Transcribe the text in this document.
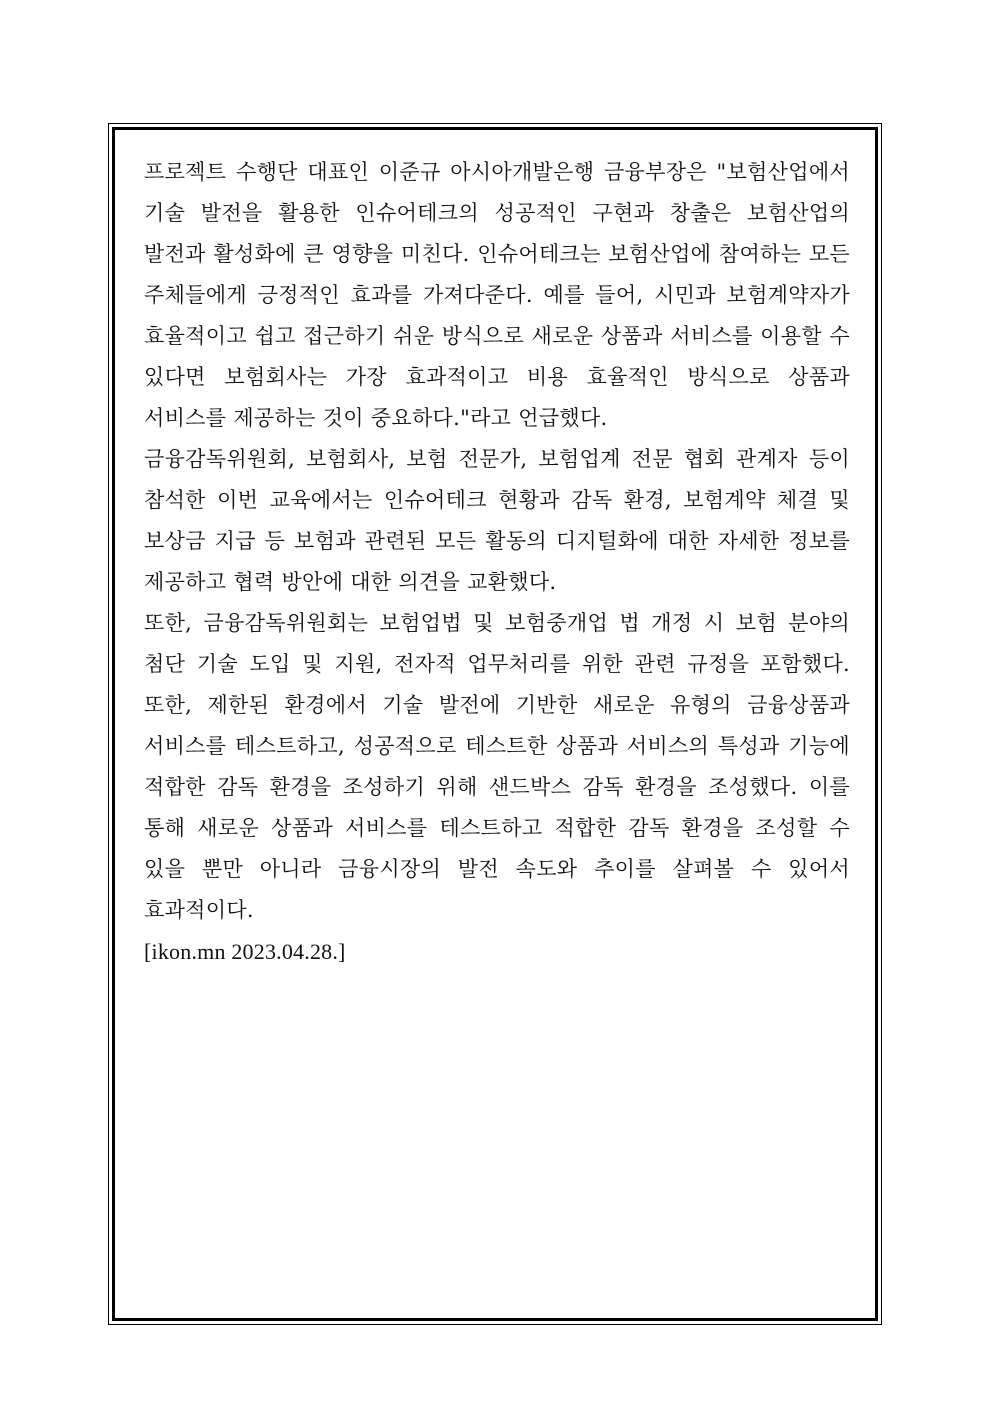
프로젝트 수행단 대표인 이준규 아시아개발은행 금융부장은 "보험산업에서 기술 발전을 활용한 인슈어테크의 성공적인 구현과 창출은 보험산업의 발전과 활성화에 큰 영향을 미친다. 인슈어테크는 보험산업에 참여하는 모든 주체들에게 긍정적인 효과를 가져다준다. 예를 들어, 시민과 보험계약자가 효율적이고 쉽고 접근하기 쉬운 방식으로 새로운 상품과 서비스를 이용할 수 있다면 보험회사는 가장 효과적이고 비용 효율적인 방식으로 상품과 서비스를 제공하는 것이 중요하다."라고 언급했다.

금융감독위원회, 보험회사, 보험 전문가, 보험업계 전문 협회 관계자 등이 참석한 이번 교육에서는 인슈어테크 현황과 감독 환경, 보험계약 체결 및 보상금 지급 등 보험과 관련된 모든 활동의 디지털화에 대한 자세한 정보를 제공하고 협력 방안에 대한 의견을 교환했다.

또한, 금융감독위원회는 보험업법 및 보험중개업 법 개정 시 보험 분야의 첨단 기술 도입 및 지원, 전자적 업무처리를 위한 관련 규정을 포함했다. 또한, 제한된 환경에서 기술 발전에 기반한 새로운 유형의 금융상품과 서비스를 테스트하고, 성공적으로 테스트한 상품과 서비스의 특성과 기능에 적합한 감독 환경을 조성하기 위해 샌드박스 감독 환경을 조성했다. 이를 통해 새로운 상품과 서비스를 테스트하고 적합한 감독 환경을 조성할 수 있을 뿐만 아니라 금융시장의 발전 속도와 추이를 살펴볼 수 있어서 효과적이다.

[ikon.mn 2023.04.28.]
